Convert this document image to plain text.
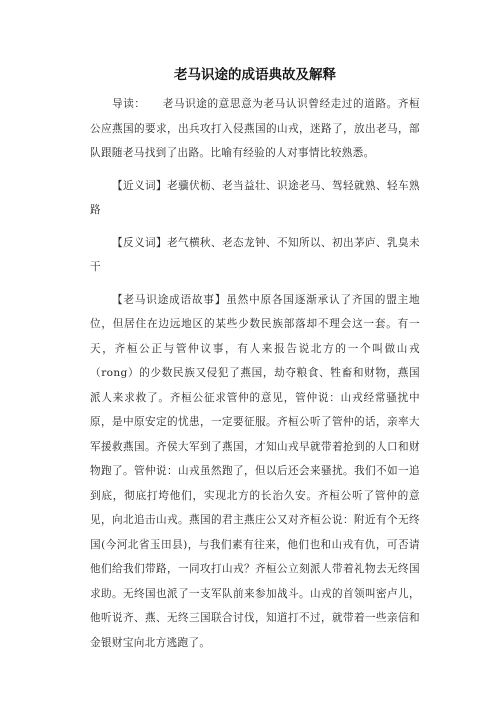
老马识途的成语典故及解释

导读：　　老马识途的意思意为老马认识曾经走过的道路。齐桓公应燕国的要求，出兵攻打入侵燕国的山戎，迷路了，放出老马，部队跟随老马找到了出路。比喻有经验的人对事情比较熟悉。

【近义词】老骥伏枥、老当益壮、识途老马、驾轻就熟、轻车熟路

【反义词】老气横秋、老态龙钟、不知所以、初出茅庐、乳臭未干

【老马识途成语故事】虽然中原各国逐渐承认了齐国的盟主地位，但居住在边远地区的某些少数民族部落却不理会这一套。有一天，齐桓公正与管仲议事，有人来报告说北方的一个叫做山戎（rong）的少数民族又侵犯了燕国，劫夺粮食、牲畜和财物，燕国派人来求救了。齐桓公征求管仲的意见，管仲说：山戎经常骚扰中原，是中原安定的忧患，一定要征服。齐桓公听了管仲的话，亲率大军援救燕国。齐侯大军到了燕国，才知山戎早就带着抢到的人口和财物跑了。管仲说：山戎虽然跑了，但以后还会来骚扰。我们不如一追到底，彻底打垮他们，实现北方的长治久安。齐桓公听了管仲的意见，向北追击山戎。燕国的君主燕庄公又对齐桓公说：附近有个无终国(今河北省玉田县)，与我们素有往来，他们也和山戎有仇，可否请他们给我们带路，一同攻打山戎？齐桓公立刻派人带着礼物去无终国求助。无终国也派了一支军队前来参加战斗。山戎的首领叫密卢儿，他听说齐、燕、无终三国联合讨伐，知道打不过，就带着一些亲信和金银财宝向北方逃跑了。
